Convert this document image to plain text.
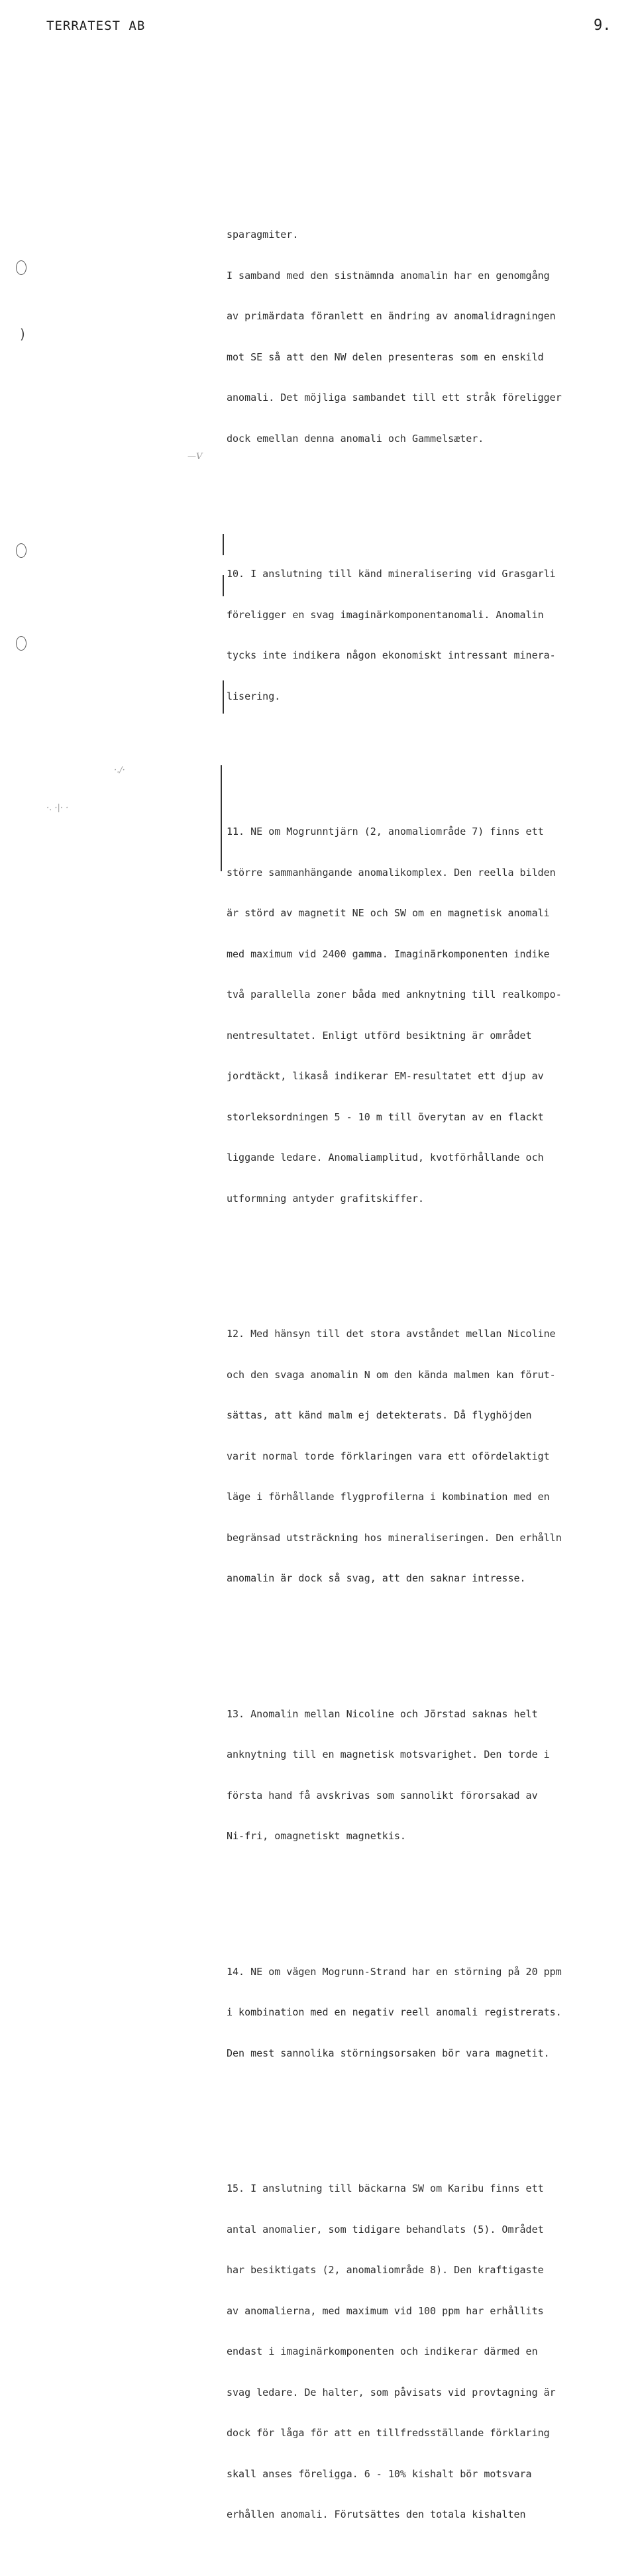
TERRATEST AB	9.
)
—V
·./·
·. ·|· ·

sparagmiter.

I samband med den sistnämnda anomalin har en genomgång

av primärdata föranlett en ändring av anomalidragningen

mot SE så att den NW delen presenteras som en enskild

anomali. Det möjliga sambandet till ett stråk föreligger

dock emellan denna anomali och Gammelsæter.

10. I anslutning till känd mineralisering vid Grasgarli

föreligger en svag imaginärkomponentanomali. Anomalin

tycks inte indikera någon ekonomiskt intressant minera-

lisering.

11. NE om Mogrunntjärn (2, anomaliområde 7) finns ett

större sammanhängande anomalikomplex. Den reella bilden

är störd av magnetit NE och SW om en magnetisk anomali

med maximum vid 2400 gamma. Imaginärkomponenten indike

två parallella zoner båda med anknytning till realkompo-

nentresultatet. Enligt utförd besiktning är området

jordtäckt, likaså indikerar EM-resultatet ett djup av

storleksordningen 5 - 10 m till överytan av en flackt

liggande ledare. Anomaliamplitud, kvotförhållande och

utformning antyder grafitskiffer.

12. Med hänsyn till det stora avståndet mellan Nicoline

och den svaga anomalin N om den kända malmen kan förut-

sättas, att känd malm ej detekterats. Då flyghöjden

varit normal torde förklaringen vara ett ofördelaktigt

läge i förhållande flygprofilerna i kombination med en

begränsad utsträckning hos mineraliseringen. Den erhålln

anomalin är dock så svag, att den saknar intresse.

13. Anomalin mellan Nicoline och Jörstad saknas helt

anknytning till en magnetisk motsvarighet. Den torde i

första hand få avskrivas som sannolikt förorsakad av

Ni-fri, omagnetiskt magnetkis.

14. NE om vägen Mogrunn-Strand har en störning på 20 ppm

i kombination med en negativ reell anomali registrerats.

Den mest sannolika störningsorsaken bör vara magnetit.

15. I anslutning till bäckarna SW om Karibu finns ett

antal anomalier, som tidigare behandlats (5). Området

har besiktigats (2, anomaliområde 8). Den kraftigaste

av anomalierna, med maximum vid 100 ppm har erhållits

endast i imaginärkomponenten och indikerar därmed en

svag ledare. De halter, som påvisats vid provtagning är

dock för låga för att en tillfredsställande förklaring

skall anses föreligga. 6 - 10% kishalt bör motsvara

erhållen anomali. Förutsättes den totala kishalten
